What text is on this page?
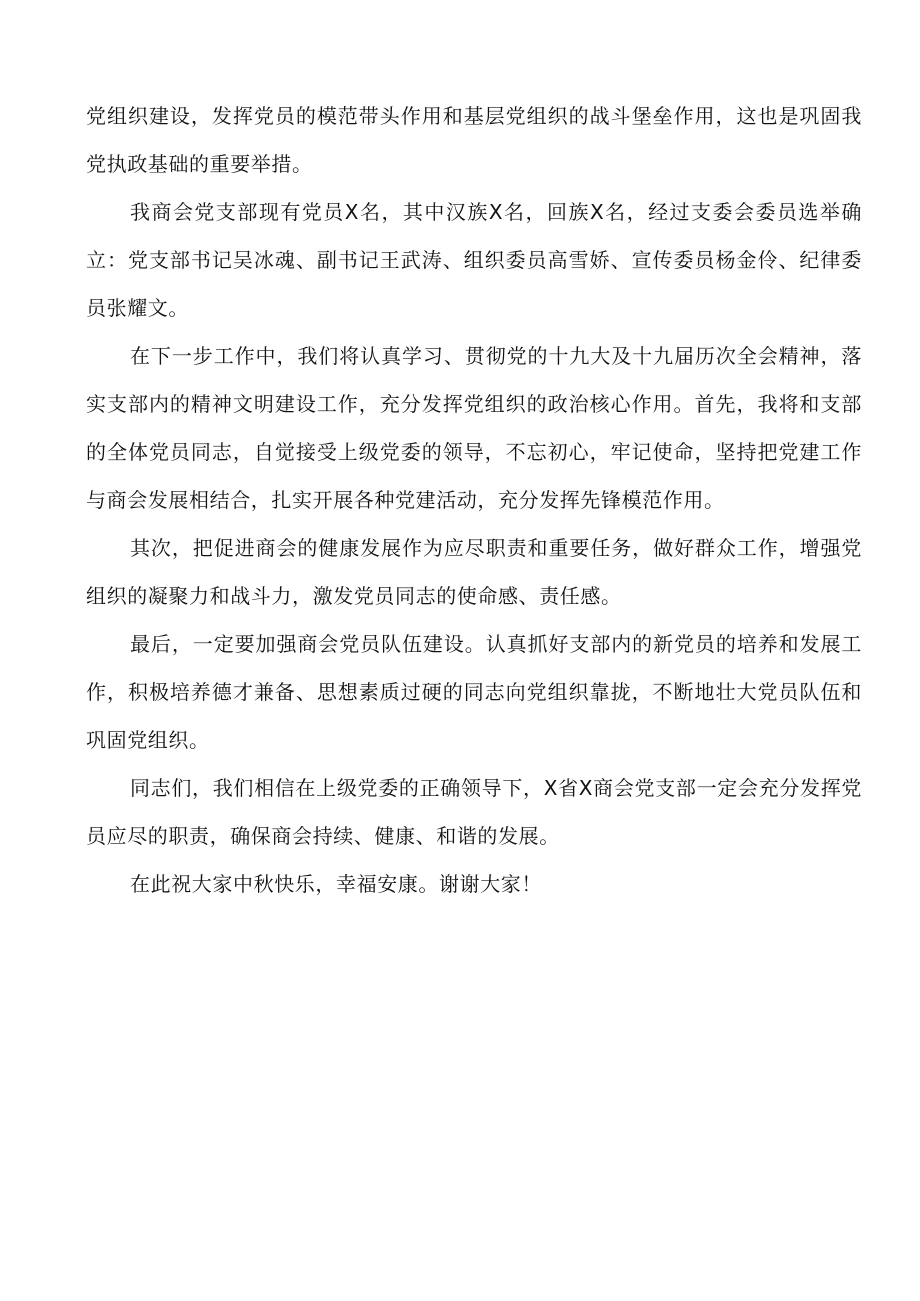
党组织建设，发挥党员的模范带头作用和基层党组织的战斗堡垒作用，这也是巩固我党执政基础的重要举措。

我商会党支部现有党员X名，其中汉族X名，回族X名，经过支委会委员选举确立：党支部书记吴冰魂、副书记王武涛、组织委员高雪娇、宣传委员杨金伶、纪律委员张耀文。

在下一步工作中，我们将认真学习、贯彻党的十九大及十九届历次全会精神，落实支部内的精神文明建设工作，充分发挥党组织的政治核心作用。首先，我将和支部的全体党员同志，自觉接受上级党委的领导，不忘初心，牢记使命，坚持把党建工作与商会发展相结合，扎实开展各种党建活动，充分发挥先锋模范作用。

其次，把促进商会的健康发展作为应尽职责和重要任务，做好群众工作，增强党组织的凝聚力和战斗力，激发党员同志的使命感、责任感。

最后，一定要加强商会党员队伍建设。认真抓好支部内的新党员的培养和发展工作，积极培养德才兼备、思想素质过硬的同志向党组织靠拢，不断地壮大党员队伍和巩固党组织。

同志们，我们相信在上级党委的正确领导下，X省X商会党支部一定会充分发挥党员应尽的职责，确保商会持续、健康、和谐的发展。

在此祝大家中秋快乐，幸福安康。谢谢大家！
